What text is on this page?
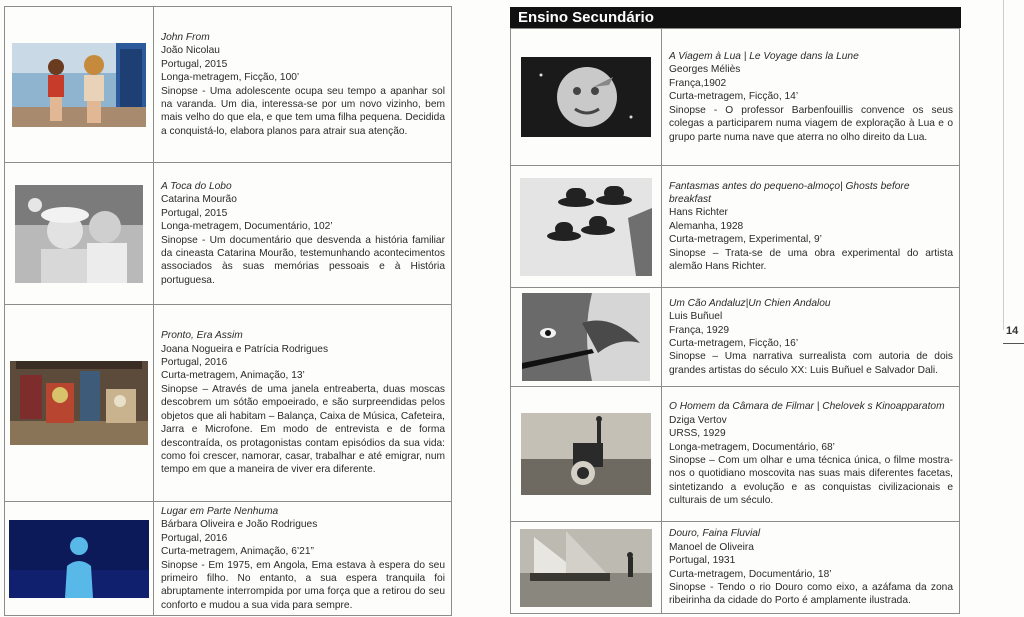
John From
João Nicolau
Portugal, 2015
Longa-metragem, Ficção, 100’
Sinopse - Uma adolescente ocupa seu tempo a apanhar sol na varanda. Um dia, interessa-se por um novo vizinho, bem mais velho do que ela, e que tem uma filha pequena. Decidida a conquistá-lo, elabora planos para atrair sua atenção.

A Toca do Lobo
Catarina Mourão
Portugal, 2015
Longa-metragem, Documentário, 102’
Sinopse - Um documentário que desvenda a história familiar da cineasta Catarina Mourão, testemunhando acontecimentos associados às suas memórias pessoais e à História portuguesa.

Pronto, Era Assim
Joana Nogueira e Patrícia Rodrigues
Portugal, 2016
Curta-metragem, Animação, 13’
Sinopse – Através de uma janela entreaberta, duas moscas descobrem um sótão empoeirado, e são surpreendidas pelos objetos que ali habitam – Balança, Caixa de Música, Cafeteira, Jarra e Microfone. Em modo de entrevista e de forma descontraída, os protagonistas contam episódios da sua vida: como foi crescer, namorar, casar, trabalhar e até emigrar, num tempo em que a maneira de viver era diferente.

Lugar em Parte Nenhuma
Bárbara Oliveira e João Rodrigues
Portugal, 2016
Curta-metragem, Animação, 6’21”
Sinopse - Em 1975, em Angola, Ema estava à espera do seu primeiro filho. No entanto, a sua espera tranquila foi abruptamente interrompida por uma força que a retirou do seu conforto e mudou a sua vida para sempre.
Ensino Secundário

A Viagem à Lua | Le Voyage dans la Lune
Georges Méliès
França,1902
Curta-metragem, Ficção, 14’
Sinopse - O professor Barbenfouillis convence os seus colegas a participarem numa viagem de exploração à Lua e o grupo parte numa nave que aterra no olho direito da Lua.

Fantasmas antes do pequeno-almoço| Ghosts before breakfast
Hans Richter
Alemanha, 1928
Curta-metragem, Experimental, 9’
Sinopse – Trata-se de uma obra experimental do artista alemão Hans Richter.

Um Cão Andaluz|Un Chien Andalou
Luis Buñuel
França, 1929
Curta-metragem, Ficção, 16’
Sinopse – Uma narrativa surrealista com autoria de dois grandes artistas do século XX: Luis Buñuel e Salvador Dali.

O Homem da Câmara de Filmar | Chelovek s Kinoapparatom
Dziga Vertov
URSS, 1929
Longa-metragem, Documentário, 68’
Sinopse – Com um olhar e uma técnica única, o filme mostra-nos o quotidiano moscovita nas suas mais diferentes facetas, sintetizando a evolução e as conquistas civilizacionais e culturais de um século.

Douro, Faina Fluvial
Manoel de Oliveira
Portugal, 1931
Curta-metragem, Documentário, 18’
Sinopse - Tendo o rio Douro como eixo, a azáfama da zona ribeirinha da cidade do Porto é amplamente ilustrada.
14
